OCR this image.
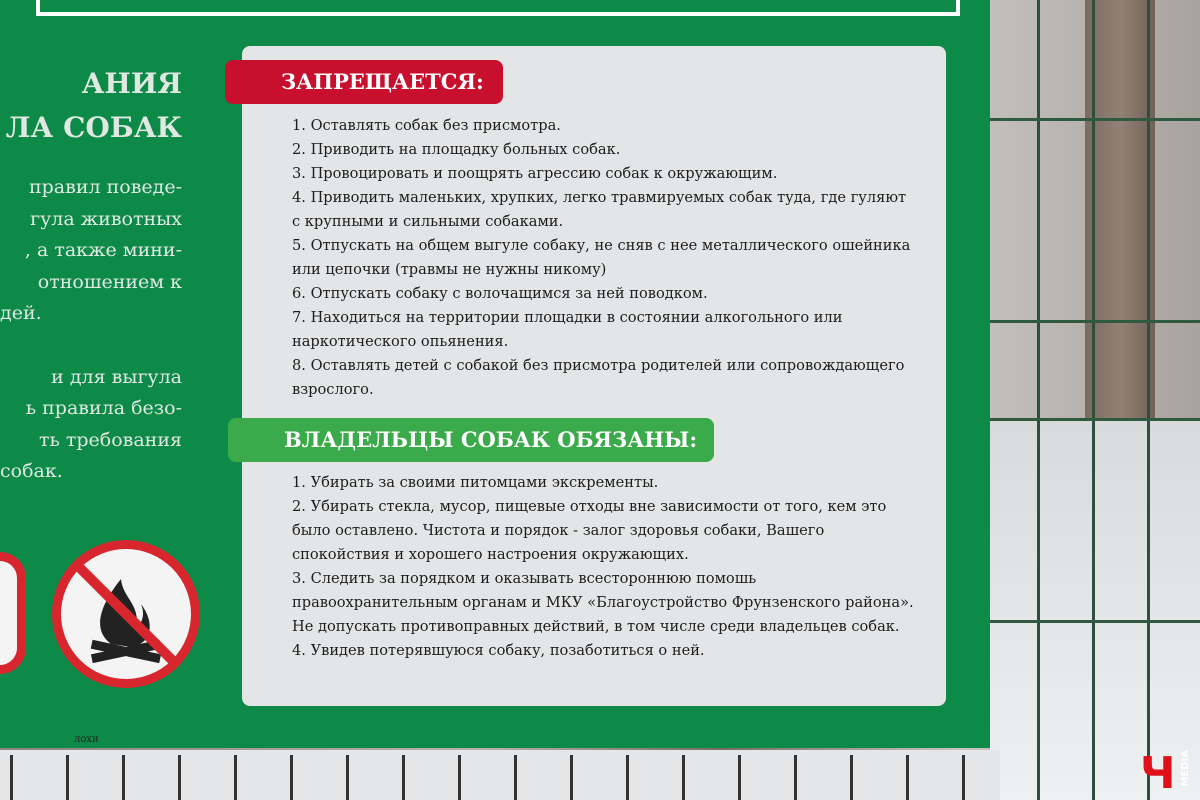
АНИЯ
ЛА СОБАК

правил поведе-
гула животных
, а также мини-
отношением к
дей.

и для выгула
ь правила безо-
ть требования
собак.

лохи
ЗАПРЕЩАЕТСЯ:
1. Оставлять собак без присмотра.
2. Приводить на площадку больных собак.
3. Провоцировать и поощрять агрессию собак к окружающим.
4. Приводить маленьких, хрупких, легко травмируемых собак туда, где гуляют с крупными и сильными собаками.
5. Отпускать на общем выгуле собаку, не сняв с нее металлического ошейника или цепочки (травмы не нужны никому)
6. Отпускать собаку с волочащимся за ней поводком.
7. Находиться на территории площадки в состоянии алкогольного или наркотического опьянения.
8. Оставлять детей с собакой без присмотра родителей или сопровождающего взрослого.
ВЛАДЕЛЬЦЫ СОБАК ОБЯЗАНЫ:
1. Убирать за своими питомцами экскременты.
2. Убирать стекла, мусор, пищевые отходы вне зависимости от того, кем это было оставлено. Чистота и порядок - залог здоровья собаки, Вашего спокойствия и хорошего настроения окружающих.
3. Следить за порядком и оказывать всестороннюю помошь правоохранительным органам и МКУ «Благоустройство Фрунзенского района». Не допускать противоправных действий, в том числе среди владельцев собак.
4. Увидев потерявшуюся собаку, позаботиться о ней.
Ч MEDIA
